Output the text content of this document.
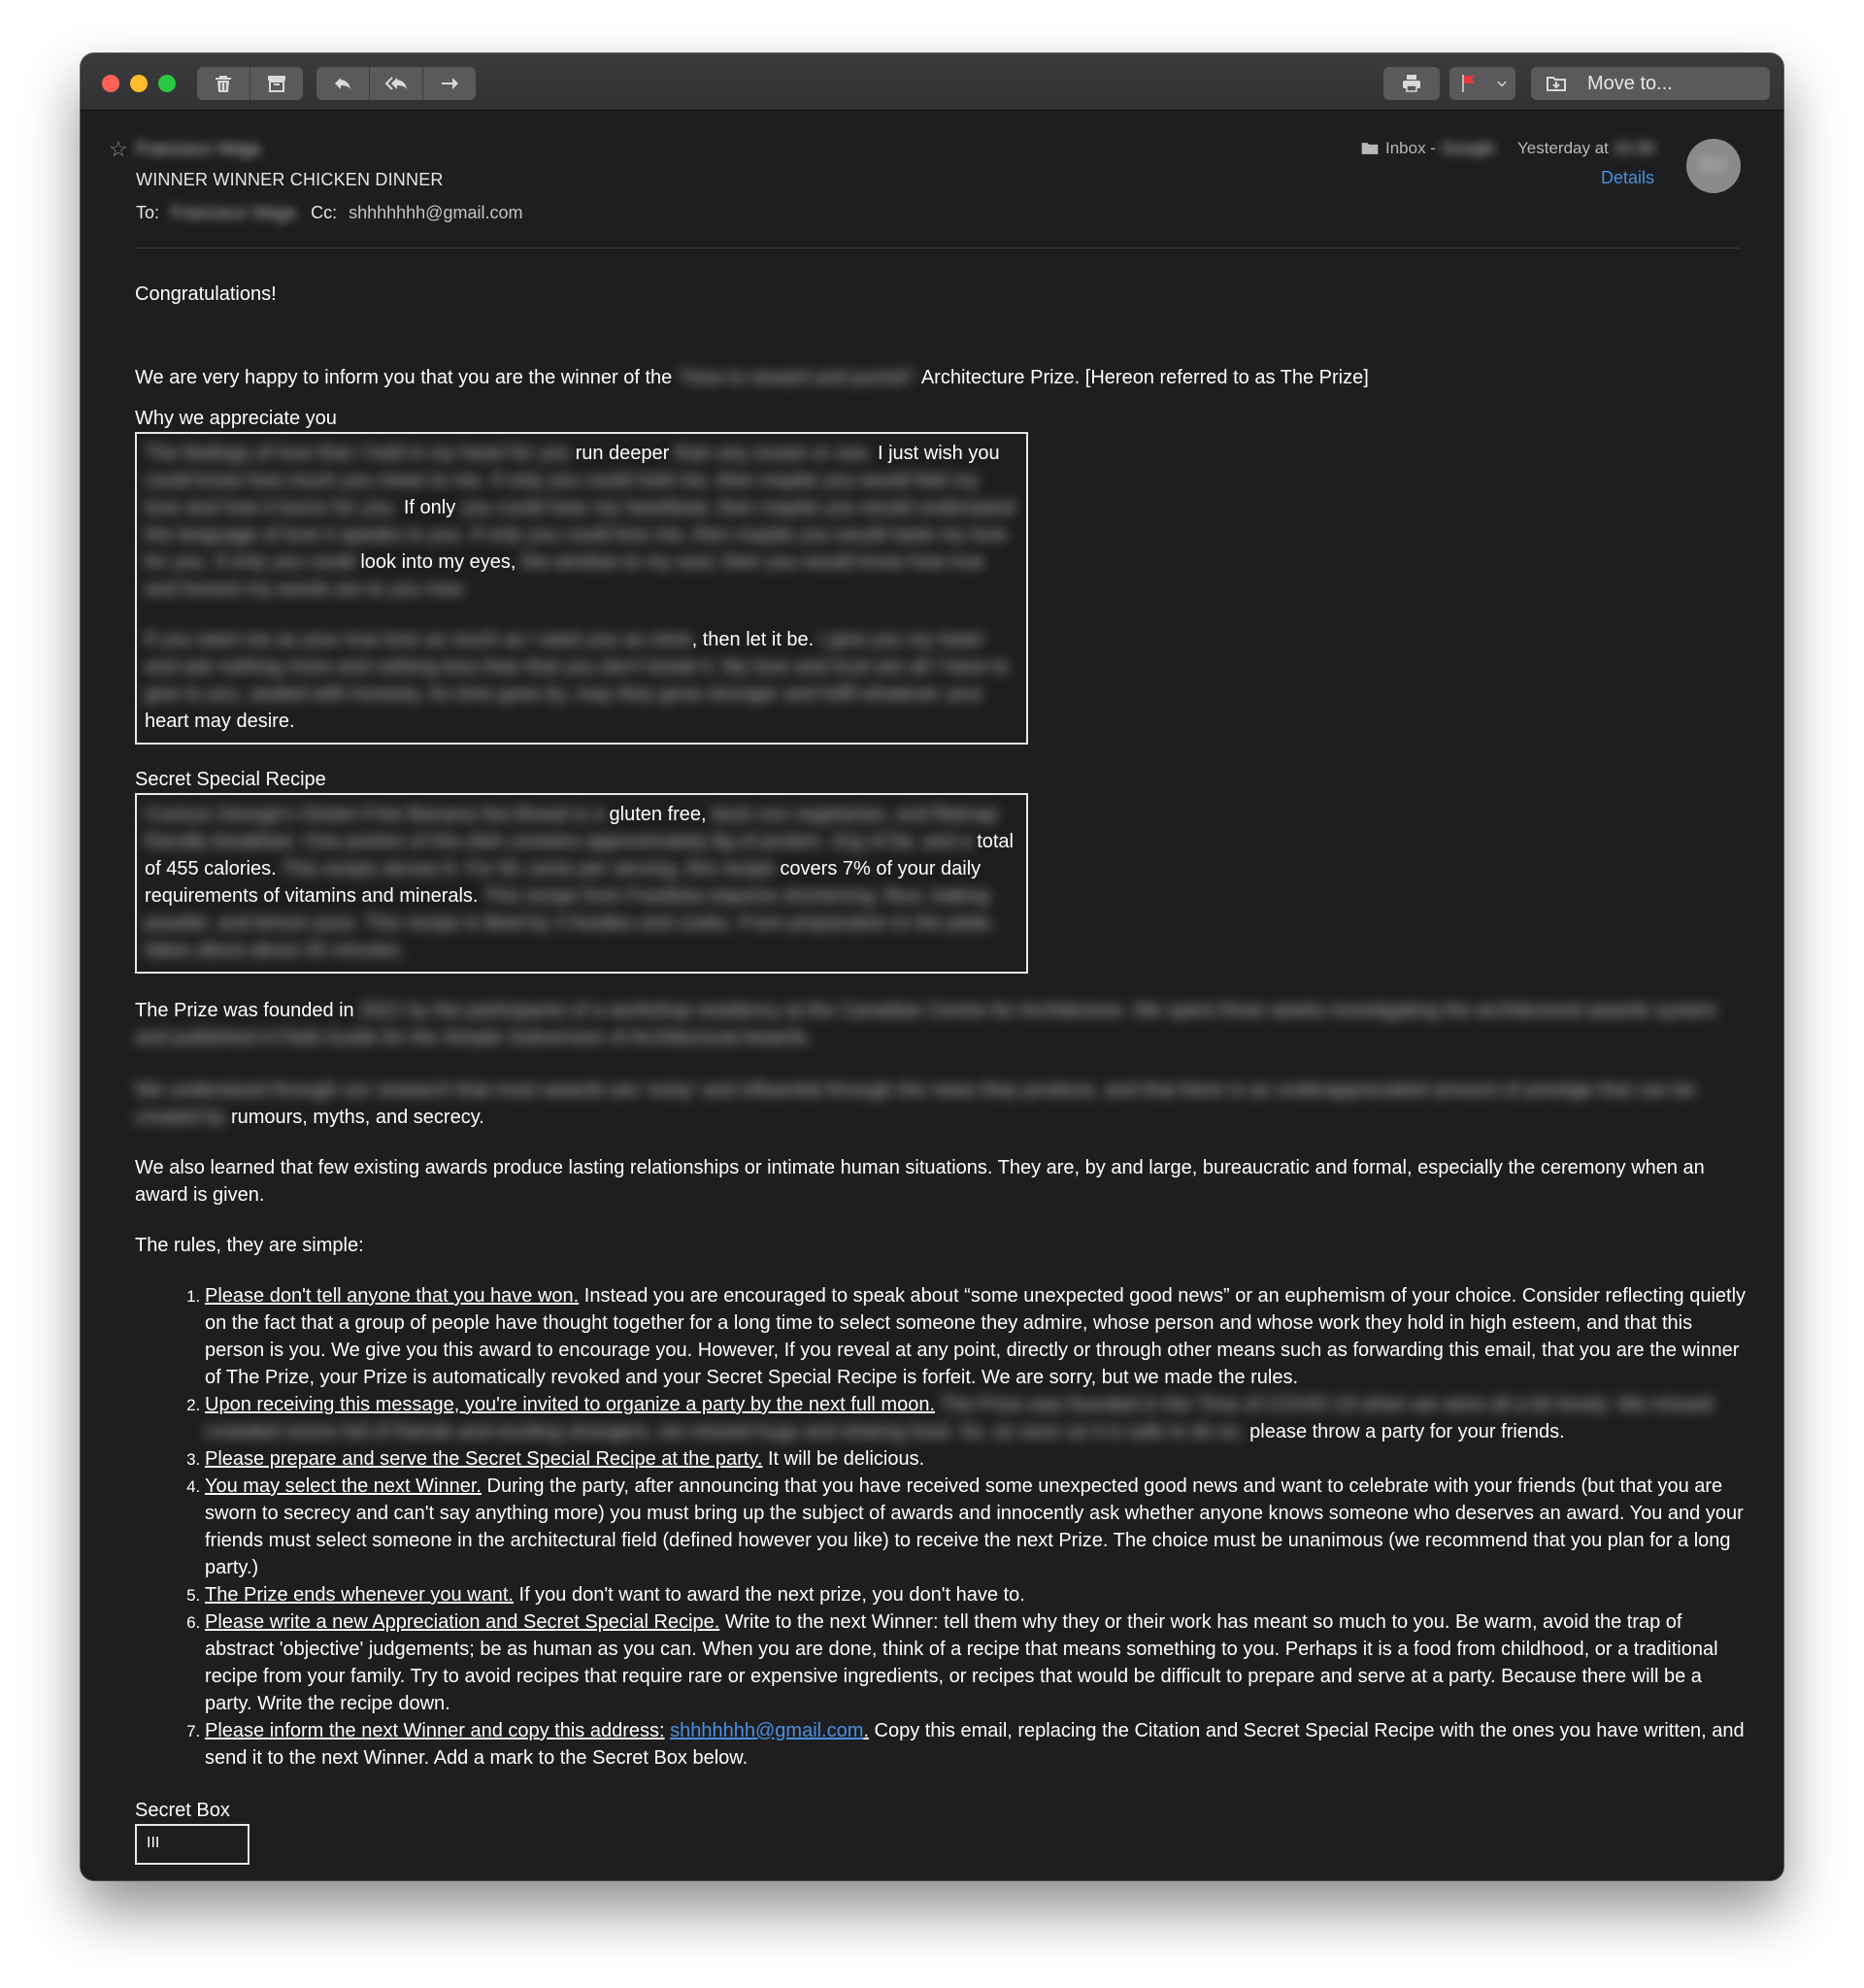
Move to...
☆ Francisco Veiga
WINNER WINNER CHICKEN DINNER
To: Francisco Veiga Cc: shhhhhhh@gmail.com
Inbox - Google Yesterday at 15:30
Details
FV

Congratulations!

We are very happy to inform you that you are the winner of the "How to reward and punish" Architecture Prize. [Hereon referred to as The Prize]

Why we appreciate you

The feelings of love that I hold in my heart for you run deeper than any ocean or sea. I just wish you could know how much you mean to me. If only you could hold me, then maybe you would feel my love and how it burns for you. If only you could hear my heartbeat, then maybe you would understand the language of love it speaks to you. If only you could kiss me, then maybe you would taste my love for you. If only you could look into my eyes, the window to my soul, then you would know how true and honest my words are to you now.

If you want me as your true love as much as I want you as mine, then let it be. I give you my heart and ask nothing more and nothing less than that you don't break it. My love and trust are all I have to give to you, sealed with honesty. As time goes by, may they grow stronger and fulfil whatever your heart may desire.

Secret Special Recipe

Curious George's Gluten Free Banana Nut Bread is a gluten free, lacto ovo vegetarian, and flatmap friendly breakfast. One portion of this dish contains approximately 8g of protein, 31g of fat, and a total of 455 calories. This recipe serves 8. For $1 cents per serving, this recipe covers 7% of your daily requirements of vitamins and minerals. This recipe from Foodista requires shortening, flour, baking powder, and lemon juice. This recipe is liked by 3 foodies and cooks. From preparation to the plate, takes about about 45 minutes.

The Prize was founded in 2021 by the participants of a workshop residency at the Canadian Centre for Architecture. We spent three weeks investigating the architectural awards system and published A Field Guide for the Simple Subversion of Architectural Awards.

We understood through our research that most awards are 'noisy' and influential through the news they produce, and that there is an underappreciated amount of prestige that can be created by rumours, myths, and secrecy.

We also learned that few existing awards produce lasting relationships or intimate human situations. They are, by and large, bureaucratic and formal, especially the ceremony when an award is given.

The rules, they are simple:

1. Please don't tell anyone that you have won. Instead you are encouraged to speak about “some unexpected good news” or an euphemism of your choice. Consider reflecting quietly on the fact that a group of people have thought together for a long time to select someone they admire, whose person and whose work they hold in high esteem, and that this person is you. We give you this award to encourage you. However, If you reveal at any point, directly or through other means such as forwarding this email, that you are the winner of The Prize, your Prize is automatically revoked and your Secret Special Recipe is forfeit. We are sorry, but we made the rules.
2. Upon receiving this message, you're invited to organize a party by the next full moon. The Prize was founded in the Time of COVID-19 when we were all a bit lonely. We missed crowded rooms full of friends and exciting strangers, we missed hugs and sharing food. So, as soon as it is safe to do so, please throw a party for your friends.
3. Please prepare and serve the Secret Special Recipe at the party. It will be delicious.
4. You may select the next Winner. During the party, after announcing that you have received some unexpected good news and want to celebrate with your friends (but that you are sworn to secrecy and can't say anything more) you must bring up the subject of awards and innocently ask whether anyone knows someone who deserves an award. You and your friends must select someone in the architectural field (defined however you like) to receive the next Prize. The choice must be unanimous (we recommend that you plan for a long party.)
5. The Prize ends whenever you want. If you don't want to award the next prize, you don't have to.
6. Please write a new Appreciation and Secret Special Recipe. Write to the next Winner: tell them why they or their work has meant so much to you. Be warm, avoid the trap of abstract 'objective' judgements; be as human as you can. When you are done, think of a recipe that means something to you. Perhaps it is a food from childhood, or a traditional recipe from your family. Try to avoid recipes that require rare or expensive ingredients, or recipes that would be difficult to prepare and serve at a party. Because there will be a party. Write the recipe down.
7. Please inform the next Winner and copy this address: shhhhhhh@gmail.com. Copy this email, replacing the Citation and Secret Special Recipe with the ones you have written, and send it to the next Winner. Add a mark to the Secret Box below.

Secret Box

III
